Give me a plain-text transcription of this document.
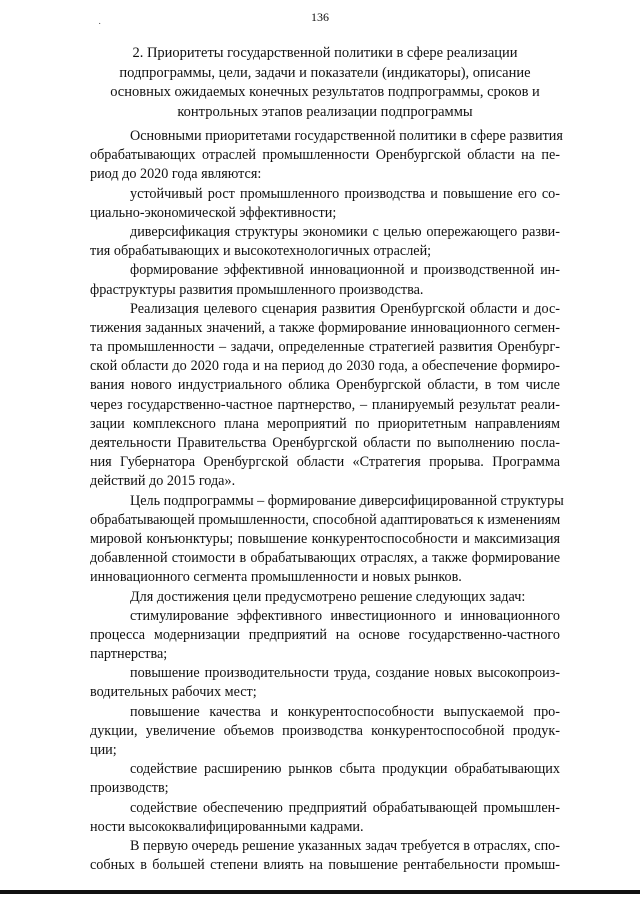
136
˙
2. Приоритеты государственной политики в сфере реализации
подпрограммы, цели, задачи и показатели (индикаторы), описание
основных ожидаемых конечных результатов подпрограммы, сроков и
контрольных этапов реализации подпрограммы
Основными приоритетами государственной политики в сфере развития
обрабатывающих отраслей промышленности Оренбургской области на пе-
риод до 2020 года являются:
устойчивый рост промышленного производства и повышение его со-
циально-экономической эффективности;
диверсификация структуры экономики с целью опережающего разви-
тия обрабатывающих и высокотехнологичных отраслей;
формирование эффективной инновационной и производственной ин-
фраструктуры развития промышленного производства.
Реализация целевого сценария развития Оренбургской области и дос-
тижения заданных значений, а также формирование инновационного сегмен-
та промышленности – задачи, определенные стратегией развития Оренбург-
ской области до 2020 года и на период до 2030 года, а обеспечение формиро-
вания нового индустриального облика Оренбургской области, в том числе
через государственно-частное партнерство, – планируемый результат реали-
зации комплексного плана мероприятий по приоритетным направлениям
деятельности Правительства Оренбургской области по выполнению посла-
ния Губернатора Оренбургской области «Стратегия прорыва. Программа
действий до 2015 года».
Цель подпрограммы – формирование диверсифицированной структуры
обрабатывающей промышленности, способной адаптироваться к изменениям
мировой конъюнктуры; повышение конкурентоспособности и максимизация
добавленной стоимости в обрабатывающих отраслях, а также формирование
инновационного сегмента промышленности и новых рынков.
Для достижения цели предусмотрено решение следующих задач:
стимулирование эффективного инвестиционного и инновационного
процесса модернизации предприятий на основе государственно-частного
партнерства;
повышение производительности труда, создание новых высокопроиз-
водительных рабочих мест;
повышение качества и конкурентоспособности выпускаемой про-
дукции, увеличение объемов производства конкурентоспособной продук-
ции;
содействие расширению рынков сбыта продукции обрабатывающих
производств;
содействие обеспечению предприятий обрабатывающей промышлен-
ности высококвалифицированными кадрами.
В первую очередь решение указанных задач требуется в отраслях, спо-
собных в большей степени влиять на повышение рентабельности промыш-
